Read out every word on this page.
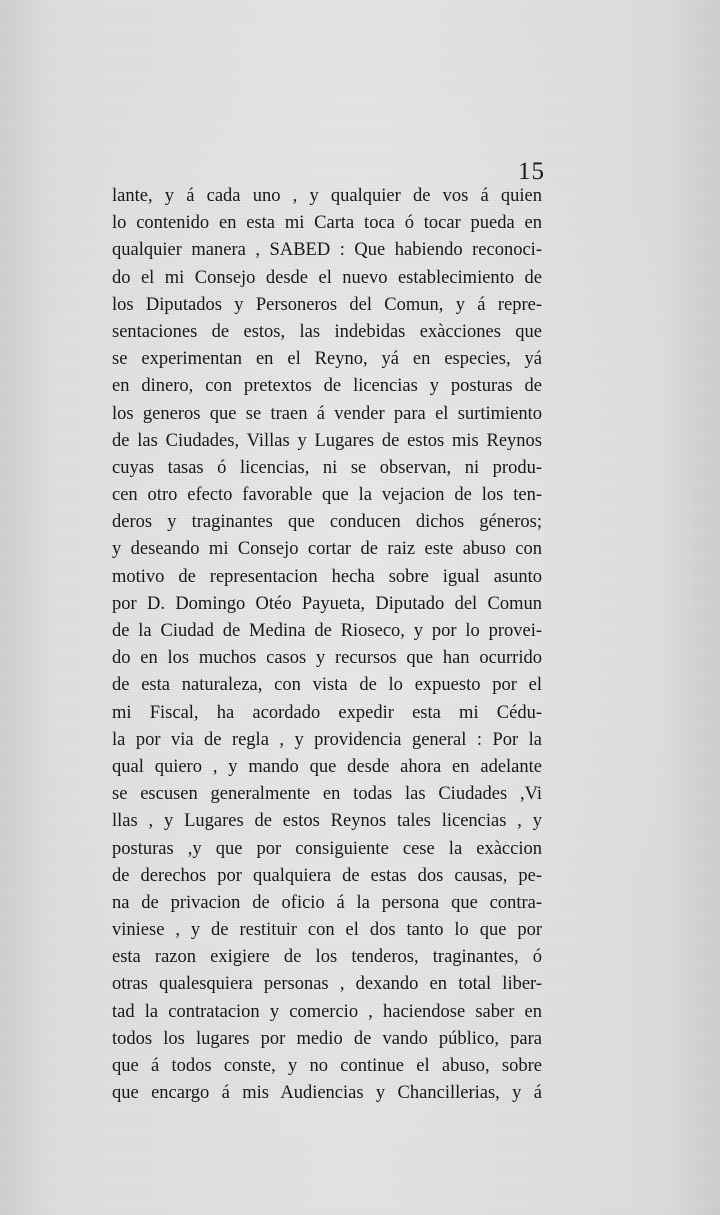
15
lante, y á cada uno , y qualquier de vos á quien
lo contenido en esta mi Carta toca ó tocar pueda en
qualquier manera , SABED : Que habiendo reconoci-
do el mi Consejo desde el nuevo establecimiento de
los Diputados y Personeros del Comun, y á repre-
sentaciones de estos, las indebidas exàcciones que
se experimentan en el Reyno, yá en especies, yá
en dinero, con pretextos de licencias y posturas de
los generos que se traen á vender para el surtimiento
de las Ciudades, Villas y Lugares de estos mis Reynos
cuyas tasas ó licencias, ni se observan, ni produ-
cen otro efecto favorable que la vejacion de los ten-
deros y traginantes que conducen dichos géneros;
y deseando mi Consejo cortar de raiz este abuso con
motivo de representacion hecha sobre igual asunto
por D. Domingo Otéo Payueta, Diputado del Comun
de la Ciudad de Medina de Rioseco, y por lo provei-
do en los muchos casos y recursos que han ocurrido
de esta naturaleza, con vista de lo expuesto por el
mi Fiscal, ha acordado expedir esta mi Cédu-
la por via de regla , y providencia general : Por la
qual quiero , y mando que desde ahora en adelante
se escusen generalmente en todas las Ciudades ,Vi
llas , y Lugares de estos Reynos tales licencias , y
posturas ,y que por consiguiente cese la exàccion
de derechos por qualquiera de estas dos causas, pe-
na de privacion de oficio á la persona que contra-
viniese , y de restituir con el dos tanto lo que por
esta razon exigiere de los tenderos, traginantes, ó
otras qualesquiera personas , dexando en total liber-
tad la contratacion y comercio , haciendose saber en
todos los lugares por medio de vando público, para
que á todos conste, y no continue el abuso, sobre
que encargo á mis Audiencias y Chancillerias, y á
